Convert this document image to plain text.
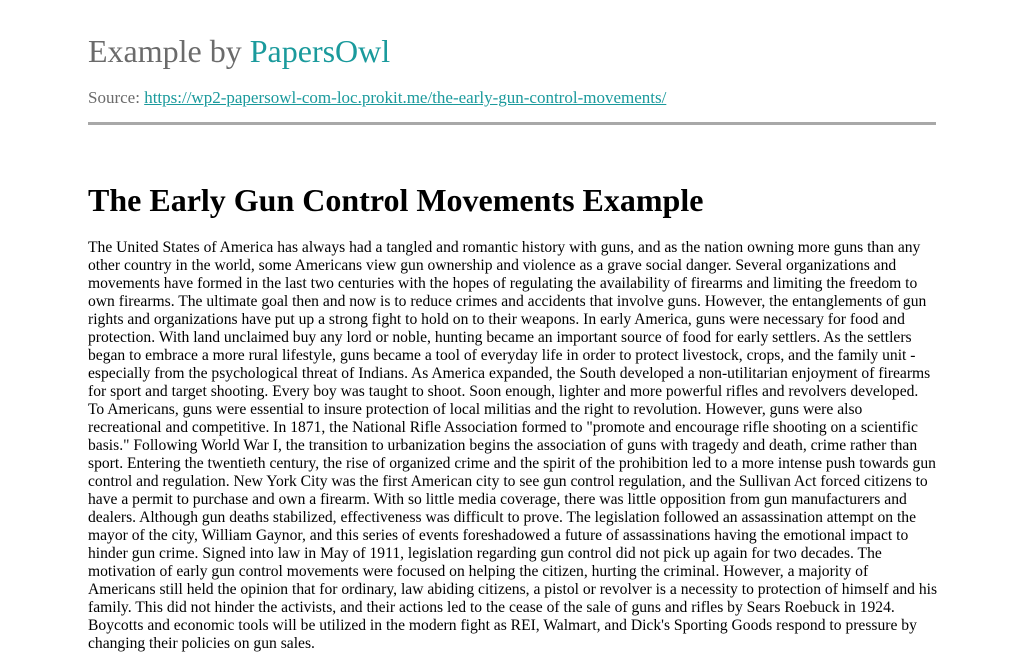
Example by PapersOwl
Source: https://wp2-papersowl-com-loc.prokit.me/the-early-gun-control-movements/
The Early Gun Control Movements Example

The United States of America has always had a tangled and romantic history with guns, and as the nation owning more guns than any other country in the world, some Americans view gun ownership and violence as a grave social danger. Several organizations and movements have formed in the last two centuries with the hopes of regulating the availability of firearms and limiting the freedom to own firearms. The ultimate goal then and now is to reduce crimes and accidents that involve guns. However, the entanglements of gun rights and organizations have put up a strong fight to hold on to their weapons. In early America, guns were necessary for food and protection. With land unclaimed buy any lord or noble, hunting became an important source of food for early settlers. As the settlers began to embrace a more rural lifestyle, guns became a tool of everyday life in order to protect livestock, crops, and the family unit - especially from the psychological threat of Indians. As America expanded, the South developed a non-utilitarian enjoyment of firearms for sport and target shooting. Every boy was taught to shoot. Soon enough, lighter and more powerful rifles and revolvers developed. To Americans, guns were essential to insure protection of local militias and the right to revolution. However, guns were also recreational and competitive. In 1871, the National Rifle Association formed to "promote and encourage rifle shooting on a scientific basis." Following World War I, the transition to urbanization begins the association of guns with tragedy and death, crime rather than sport. Entering the twentieth century, the rise of organized crime and the spirit of the prohibition led to a more intense push towards gun control and regulation. New York City was the first American city to see gun control regulation, and the Sullivan Act forced citizens to have a permit to purchase and own a firearm. With so little media coverage, there was little opposition from gun manufacturers and dealers. Although gun deaths stabilized, effectiveness was difficult to prove. The legislation followed an assassination attempt on the mayor of the city, William Gaynor, and this series of events foreshadowed a future of assassinations having the emotional impact to hinder gun crime. Signed into law in May of 1911, legislation regarding gun control did not pick up again for two decades. The motivation of early gun control movements were focused on helping the citizen, hurting the criminal. However, a majority of Americans still held the opinion that for ordinary, law abiding citizens, a pistol or revolver is a necessity to protection of himself and his family. This did not hinder the activists, and their actions led to the cease of the sale of guns and rifles by Sears Roebuck in 1924. Boycotts and economic tools will be utilized in the modern fight as REI, Walmart, and Dick's Sporting Goods respond to pressure by changing their policies on gun sales.
